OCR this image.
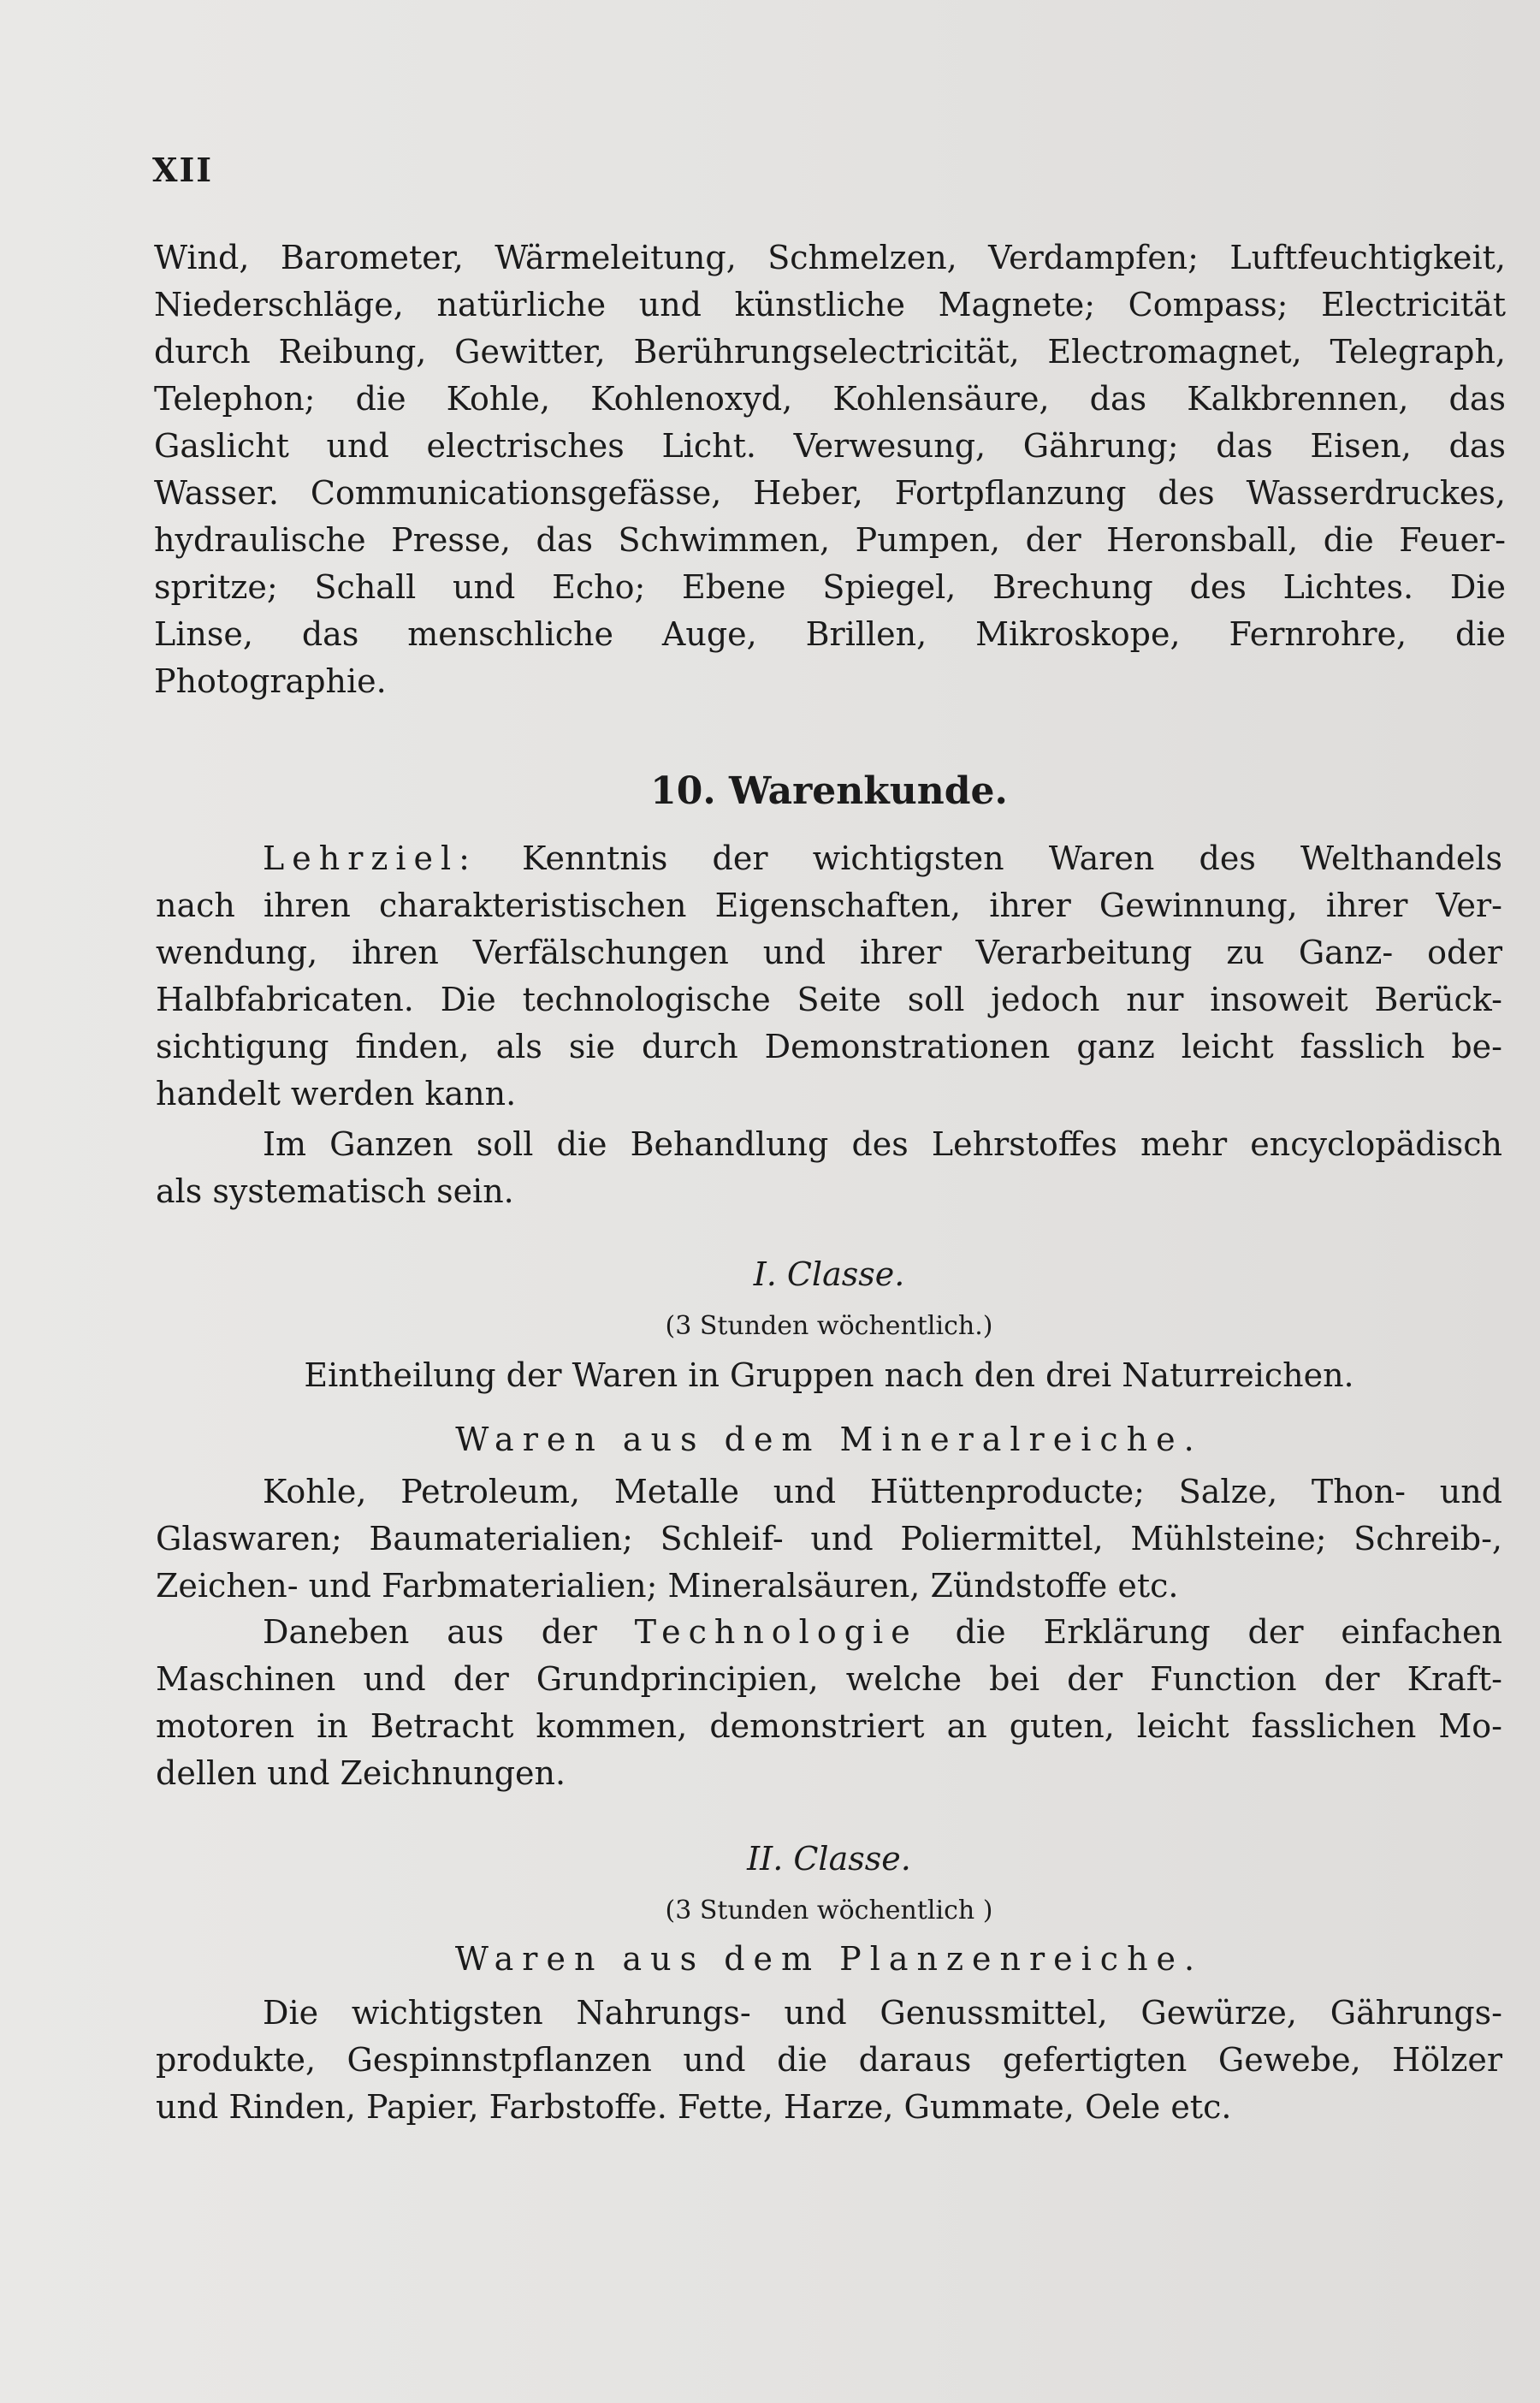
XII
Wind, Barometer, Wärmeleitung, Schmelzen, Verdampfen; Luftfeuchtigkeit,
Niederschläge, natürliche und künstliche Magnete; Compass; Electricität
durch Reibung, Gewitter, Berührungselectricität, Electromagnet, Telegraph,
Telephon; die Kohle, Kohlenoxyd, Kohlensäure, das Kalkbrennen, das
Gaslicht und electrisches Licht. Verwesung, Gährung; das Eisen, das
Wasser. Communicationsgefässe, Heber, Fortpflanzung des Wasserdruckes,
hydraulische Presse, das Schwimmen, Pumpen, der Heronsball, die Feuer-
spritze; Schall und Echo; Ebene Spiegel, Brechung des Lichtes. Die
Linse, das menschliche Auge, Brillen, Mikroskope, Fernrohre, die
Photographie.
10. Warenkunde.
Lehrziel: Kenntnis der wichtigsten Waren des Welthandels
nach ihren charakteristischen Eigenschaften, ihrer Gewinnung, ihrer Ver-
wendung, ihren Verfälschungen und ihrer Verarbeitung zu Ganz- oder
Halbfabricaten. Die technologische Seite soll jedoch nur insoweit Berück-
sichtigung finden, als sie durch Demonstrationen ganz leicht fasslich be-
handelt werden kann.
Im Ganzen soll die Behandlung des Lehrstoffes mehr encyclopädisch
als systematisch sein.
I. Classe.
(3 Stunden wöchentlich.)
Eintheilung der Waren in Gruppen nach den drei Naturreichen.
Waren aus dem Mineralreiche.
Kohle, Petroleum, Metalle und Hüttenproducte; Salze, Thon- und
Glaswaren; Baumaterialien; Schleif- und Poliermittel, Mühlsteine; Schreib-,
Zeichen- und Farbmaterialien; Mineralsäuren, Zündstoffe etc.
Daneben aus der Technologie die Erklärung der einfachen
Maschinen und der Grundprincipien, welche bei der Function der Kraft-
motoren in Betracht kommen, demonstriert an guten, leicht fasslichen Mo-
dellen und Zeichnungen.
II. Classe.
(3 Stunden wöchentlich )
Waren aus dem Planzenreiche.
Die wichtigsten Nahrungs- und Genussmittel, Gewürze, Gährungs-
produkte, Gespinnstpflanzen und die daraus gefertigten Gewebe, Hölzer
und Rinden, Papier, Farbstoffe. Fette, Harze, Gummate, Oele etc.
